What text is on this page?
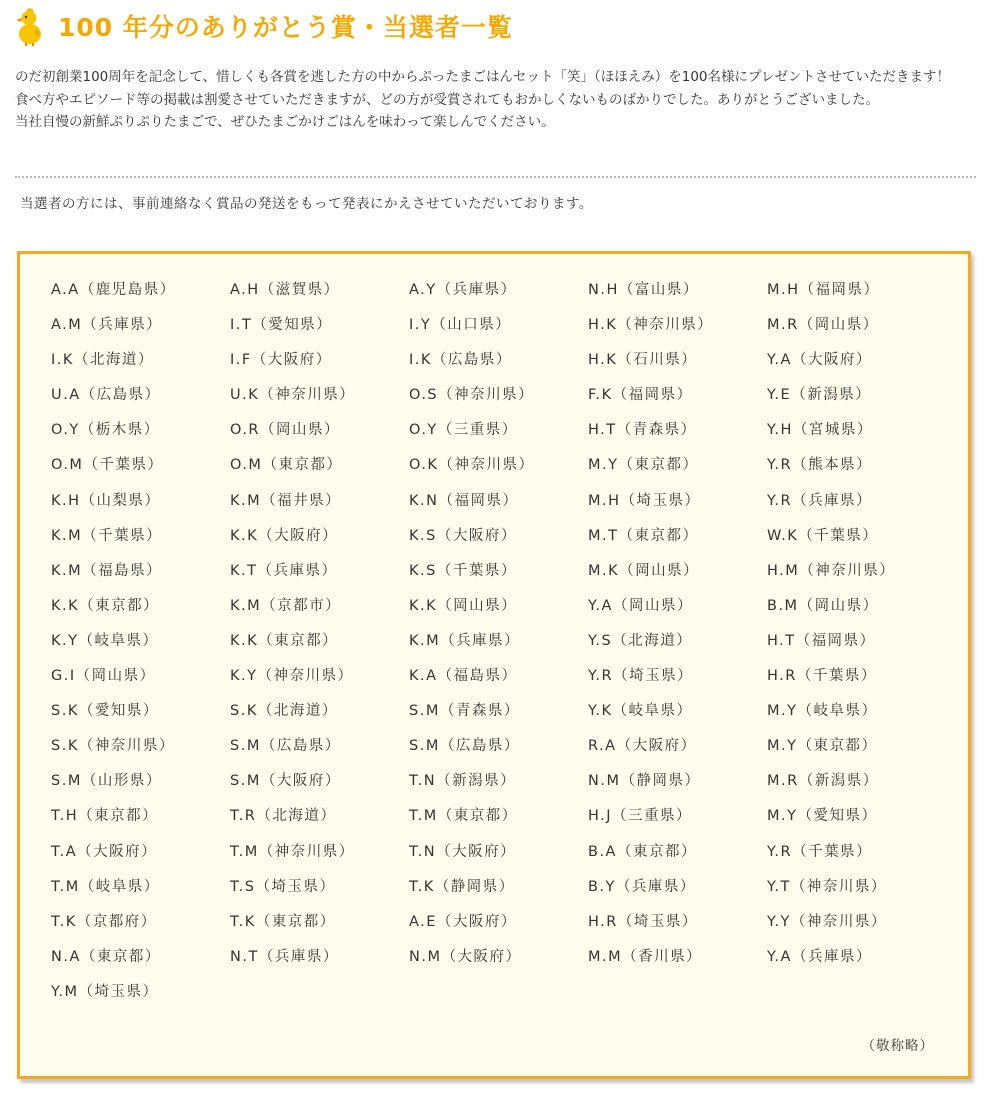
100 年分のありがとう賞・当選者一覧

のだ初創業100周年を記念して、惜しくも各賞を逃した方の中からぷったまごはんセット「笑」（ほほえみ）を100名様にプレゼントさせていただきます！

食べ方やエピソード等の掲載は割愛させていただきますが、どの方が受賞されてもおかしくないものばかりでした。ありがとうございました。

当社自慢の新鮮ぷりぷりたまごで、ぜひたまごかけごはんを味わって楽しんでください。

当選者の方には、事前連絡なく賞品の発送をもって発表にかえさせていただいております。
A.A（鹿児島県）	A.H（滋賀県）	A.Y（兵庫県）	N.H（富山県）	M.H（福岡県）
A.M（兵庫県）	I.T（愛知県）	I.Y（山口県）	H.K（神奈川県）	M.R（岡山県）
I.K（北海道）	I.F（大阪府）	I.K（広島県）	H.K（石川県）	Y.A（大阪府）
U.A（広島県）	U.K（神奈川県）	O.S（神奈川県）	F.K（福岡県）	Y.E（新潟県）
O.Y（栃木県）	O.R（岡山県）	O.Y（三重県）	H.T（青森県）	Y.H（宮城県）
O.M（千葉県）	O.M（東京都）	O.K（神奈川県）	M.Y（東京都）	Y.R（熊本県）
K.H（山梨県）	K.M（福井県）	K.N（福岡県）	M.H（埼玉県）	Y.R（兵庫県）
K.M（千葉県）	K.K（大阪府）	K.S（大阪府）	M.T（東京都）	W.K（千葉県）
K.M（福島県）	K.T（兵庫県）	K.S（千葉県）	M.K（岡山県）	H.M（神奈川県）
K.K（東京都）	K.M（京都市）	K.K（岡山県）	Y.A（岡山県）	B.M（岡山県）
K.Y（岐阜県）	K.K（東京都）	K.M（兵庫県）	Y.S（北海道）	H.T（福岡県）
G.I（岡山県）	K.Y（神奈川県）	K.A（福島県）	Y.R（埼玉県）	H.R（千葉県）
S.K（愛知県）	S.K（北海道）	S.M（青森県）	Y.K（岐阜県）	M.Y（岐阜県）
S.K（神奈川県）	S.M（広島県）	S.M（広島県）	R.A（大阪府）	M.Y（東京都）
S.M（山形県）	S.M（大阪府）	T.N（新潟県）	N.M（静岡県）	M.R（新潟県）
T.H（東京都）	T.R（北海道）	T.M（東京都）	H.J（三重県）	M.Y（愛知県）
T.A（大阪府）	T.M（神奈川県）	T.N（大阪府）	B.A（東京都）	Y.R（千葉県）
T.M（岐阜県）	T.S（埼玉県）	T.K（静岡県）	B.Y（兵庫県）	Y.T（神奈川県）
T.K（京都府）	T.K（東京都）	A.E（大阪府）	H.R（埼玉県）	Y.Y（神奈川県）
N.A（東京都）	N.T（兵庫県）	N.M（大阪府）	M.M（香川県）	Y.A（兵庫県）
Y.M（埼玉県）
（敬称略）
